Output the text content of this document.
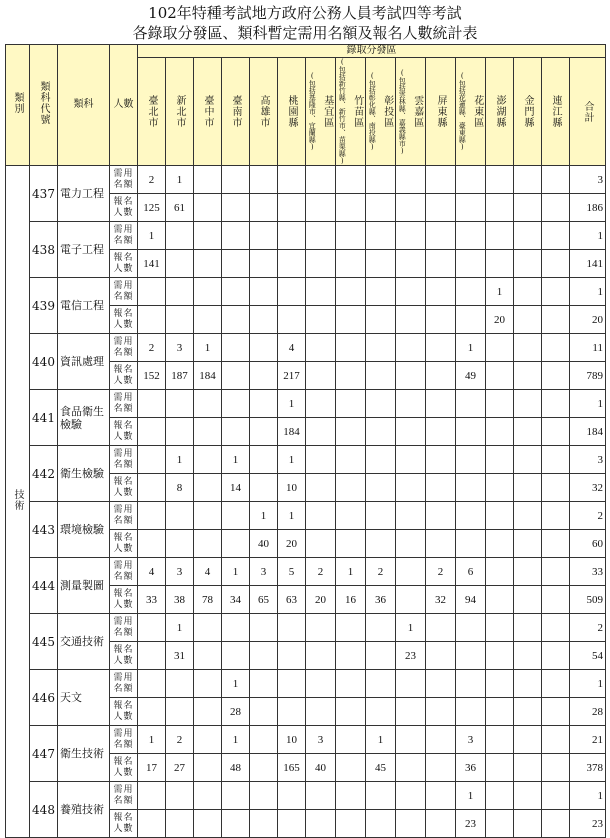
102年特種考試地方政府公務人員考試四等考試
各錄取分發區、類科暫定需用名額及報名人數統計表
類別	類科代號	類科	人數	錄取分發區															

				臺北市	新北市	臺中市	臺南市	高雄市	桃園縣	(包括基隆市、宜蘭縣) 基宜區	(包括新竹縣、新竹市、苗栗縣) 竹苗區	(包括彰化縣、南投縣) 彰投區	(包括雲林縣、嘉義縣市) 雲嘉區	屏東縣	(包括花蓮縣、臺東縣) 花東區	澎湖縣	金門縣	連江縣	合計

技術	437	電力工程	需用名額	2	1														3
			報名人數	125	61														186
	438	電子工程	需用名額	1															1
			報名人數	141															141
	439	電信工程	需用名額													1			1
			報名人數													20			20
	440	資訊處理	需用名額	2	3	1			4						1				11
			報名人數	152	187	184			217						49				789
	441	食品衛生檢驗	需用名額						1										1
			報名人數						184										184
	442	衛生檢驗	需用名額		1		1		1										3
			報名人數		8		14		10										32
	443	環境檢驗	需用名額					1	1										2
			報名人數					40	20										60
	444	測量製圖	需用名額	4	3	4	1	3	5	2	1	2		2	6				33
			報名人數	33	38	78	34	65	63	20	16	36		32	94				509
	445	交通技術	需用名額		1								1						2
			報名人數		31								23						54
	446	天文	需用名額				1												1
			報名人數				28												28
	447	衛生技術	需用名額	1	2		1		10	3		1			3				21
			報名人數	17	27		48		165	40		45			36				378
	448	養殖技術	需用名額												1				1
			報名人數												23				23
